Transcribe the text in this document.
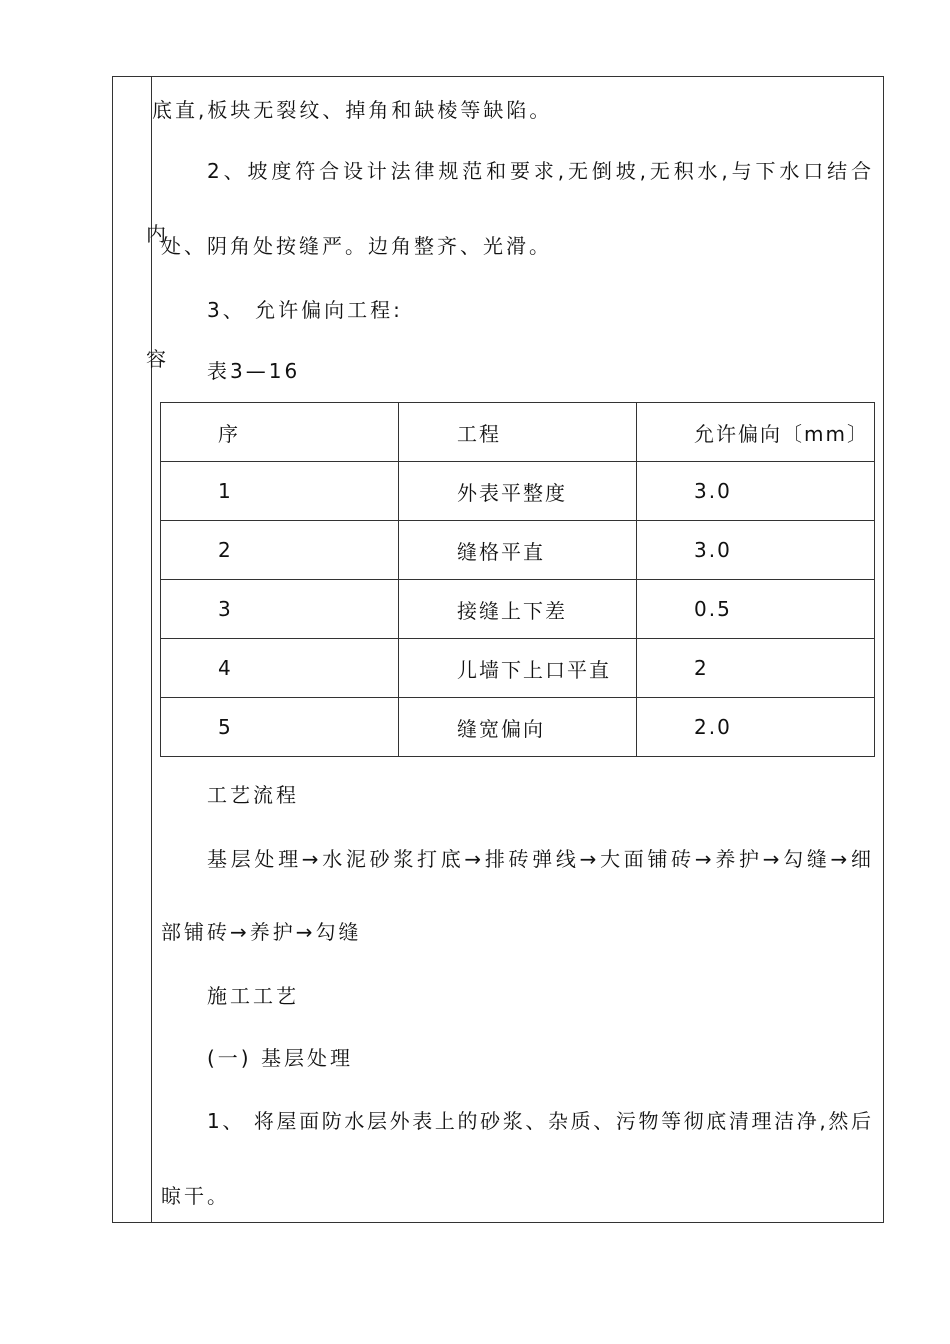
内
容
底直,板块无裂纹、掉角和缺棱等缺陷。
2、坡度符合设计法律规范和要求,无倒坡,无积水,与下水口结合
处、阴角处按缝严。边角整齐、光滑。
3、 允许偏向工程:
表3—16
序	工程	允许偏向〔mm〕
1	外表平整度	3.0
2	缝格平直	3.0
3	接缝上下差	0.5
4	儿墙下上口平直	2
5	缝宽偏向	2.0
工艺流程
基层处理→水泥砂浆打底→排砖弹线→大面铺砖→养护→勾缝→细
部铺砖→养护→勾缝
施工工艺
(一) 基层处理
1、 将屋面防水层外表上的砂浆、杂质、污物等彻底清理洁净,然后
晾干。
